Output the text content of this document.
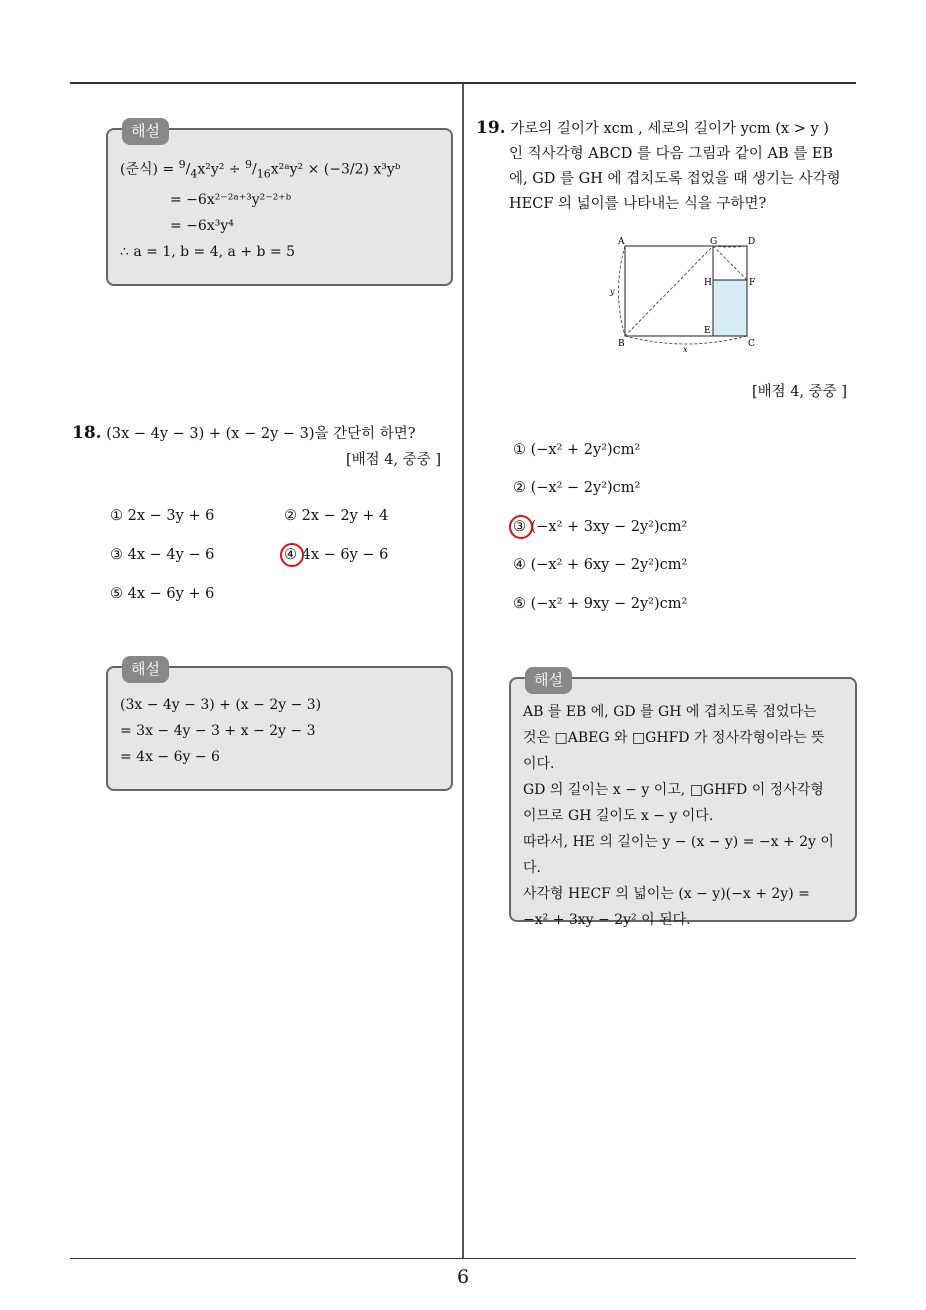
해설
(준식) = $^9/_4x^2y^2$ ÷ $^9/_{16}x^2ᵃy^2 \times (-3/2)$ x³yᵇ
= −6x²⁻²ᵃ⁺³y²⁻²⁺ᵇ
= −6x³y⁴
∴ a = 1, b = 4, a + b = 5
18. (3x − 4y − 3) + (x − 2y − 3)을 간단히 하면?
[배점 4, 중중 ]
① 2x − 3y + 6	② 2x − 2y + 4
③ 4x − 4y − 6	④ 4x − 6y − 6
⑤ 4x − 6y + 6
해설
(3x − 4y − 3) + (x − 2y − 3)
= 3x − 4y − 3 + x − 2y − 3
= 4x − 6y − 6
19. 가로의 길이가 xcm , 세로의 길이가 ycm (x > y )
인 직사각형 ABCD 를 다음 그림과 같이 AB 를 EB
에, GD 를 GH 에 겹치도록 접었을 때 생기는 사각형
HECF 의 넓이를 나타내는 식을 구하면?
A	G	D
H	F
E
B	C
x
y
[배점 4, 중중 ]
① (−x² + 2y²)cm²
② (−x² − 2y²)cm²
③ (−x² + 3xy − 2y²)cm²
④ (−x² + 6xy − 2y²)cm²
⑤ (−x² + 9xy − 2y²)cm²
해설
AB 를 EB 에, GD 를 GH 에 겹치도록 접었다는
것은 □ABEG 와 □GHFD 가 정사각형이라는 뜻
이다.
GD 의 길이는 x − y 이고, □GHFD 이 정사각형
이므로 GH 길이도 x − y 이다.
따라서, HE 의 길이는 y − (x − y) = −x + 2y 이다.
사각형 HECF 의 넓이는 (x − y)(−x + 2y) =
−x² + 3xy − 2y² 이 된다.
6
